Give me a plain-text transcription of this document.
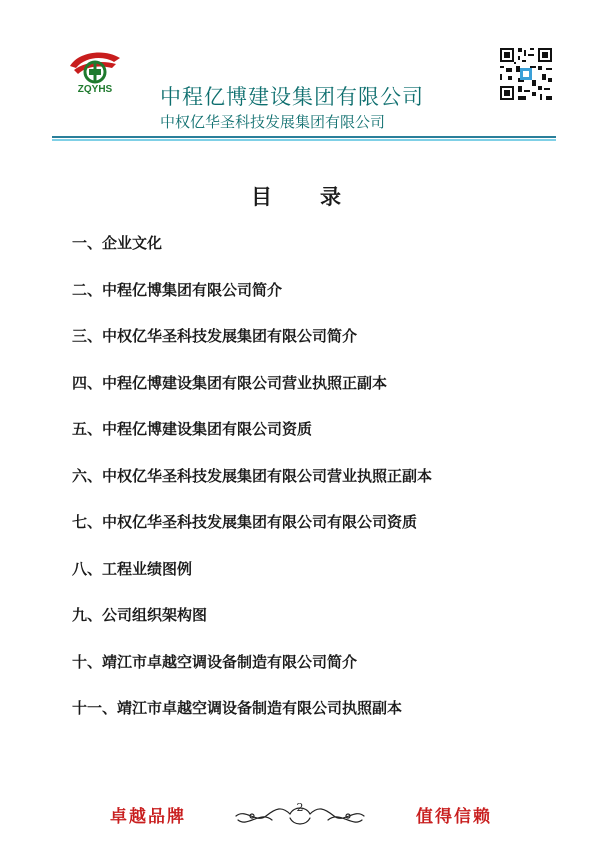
ZQYHS	中程亿博建设集团有限公司
中权亿华圣科技发展集团有限公司
目录
一、企业文化
二、中程亿博集团有限公司简介
三、中权亿华圣科技发展集团有限公司简介
四、中程亿博建设集团有限公司营业执照正副本
五、中程亿博建设集团有限公司资质
六、中权亿华圣科技发展集团有限公司营业执照正副本
七、中权亿华圣科技发展集团有限公司有限公司资质
八、工程业绩图例
九、公司组织架构图
十、靖江市卓越空调设备制造有限公司简介
十一、靖江市卓越空调设备制造有限公司执照副本
卓越品牌	2	值得信赖
